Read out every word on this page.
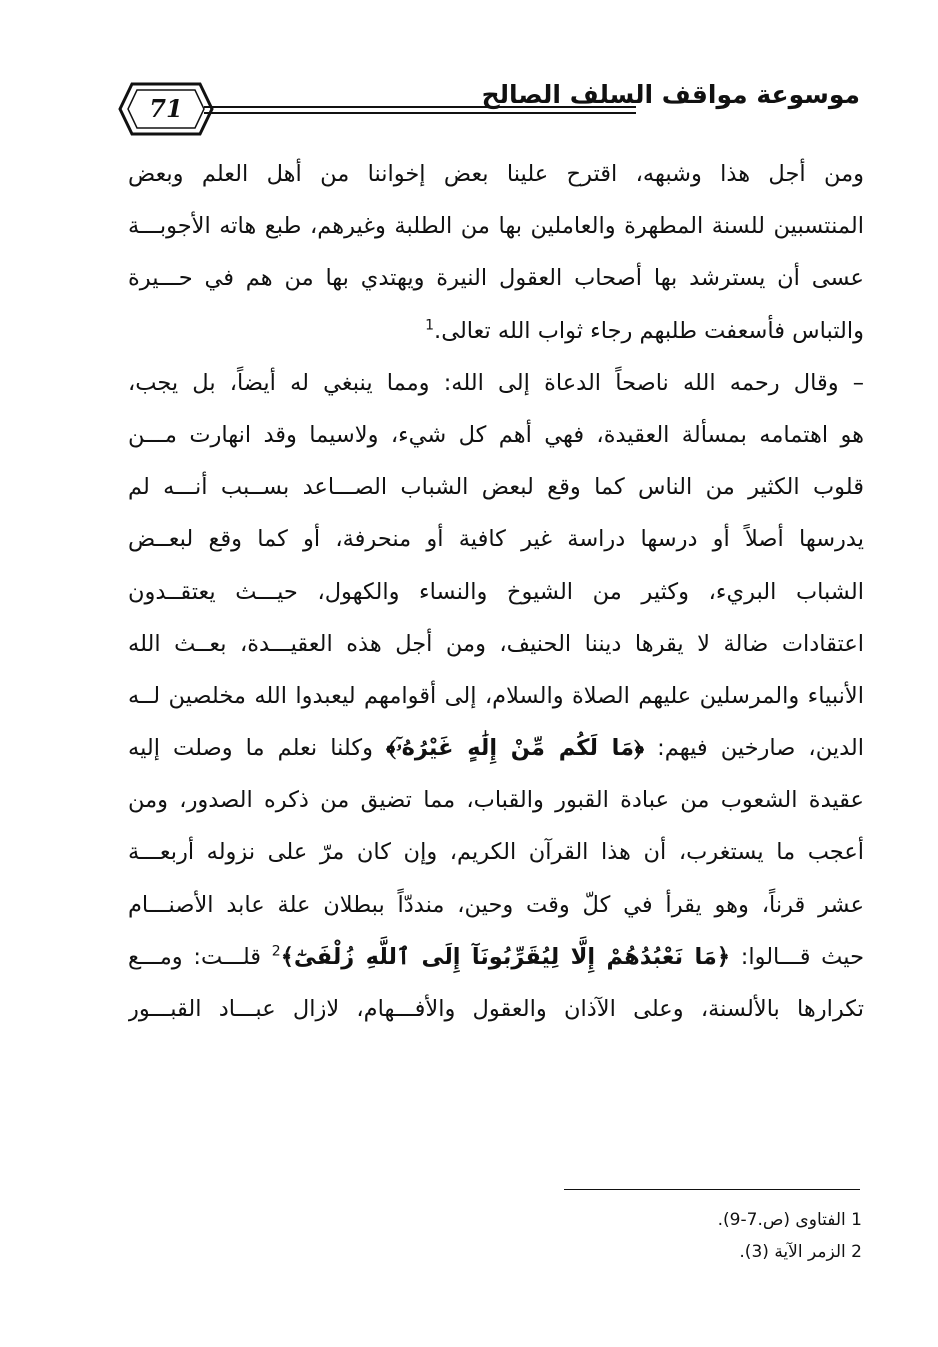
71	موسوعة مواقف السلف الصالح
ومن أجل هذا وشبهه، اقترح علينا بعض إخواننا من أهل العلم وبعض
المنتسبين للسنة المطهرة والعاملين بها من الطلبة وغيرهم، طبع هاته الأجوبـــة
عسى أن يسترشد بها أصحاب العقول النيرة ويهتدي بها من هم في حـــيرة
والتباس فأسعفت طلبهم رجاء ثواب الله تعالى.$^1$
– وقال رحمه الله ناصحاً الدعاة إلى الله: ومما ينبغي له أيضاً، بل يجب،
هو اهتمامه بمسألة العقيدة، فهي أهم كل شيء، ولاسيما وقد انهارت مـــن
قلوب الكثير من الناس كما وقع لبعض الشباب الصـــاعد بســبب أنـــه لم
يدرسها أصلاً أو درسها دراسة غير كافية أو منحرفة، أو كما وقع لبعــض
الشباب البريء، وكثير من الشيوخ والنساء والكهول، حيـــث يعتقــدون
اعتقادات ضالة لا يقرها ديننا الحنيف، ومن أجل هذه العقيـــدة، بعــث الله
الأنبياء والمرسلين عليهم الصلاة والسلام، إلى أقوامهم ليعبدوا الله مخلصين لــه
الدين، صارخين فيهم: ﴿مَا لَكُم مِّنْ إِلَٰهٍ غَيْرُهُۥٓ﴾ وكلنا نعلم ما وصلت إليه
عقيدة الشعوب من عبادة القبور والقباب، مما تضيق من ذكره الصدور، ومن
أعجب ما يستغرب، أن هذا القرآن الكريم، وإن كان مرّ على نزوله أربعـــة
عشر قرناً، وهو يقرأ في كلّ وقت وحين، منددّاً ببطلان علة عابد الأصنـــام
حيث قـــالوا: ﴿مَا نَعْبُدُهُمْ إِلَّا لِيُقَرِّبُونَآ إِلَى ٱللَّهِ زُلْفَىٰٓ﴾$^2$ قلـــت: ومـــع
تكرارها بالألسنة، وعلى الآذان والعقول والأفـــهام، لازال عبـــاد القبـــور
1 الفتاوى (ص.7-9).
2 الزمر الآية (3).
